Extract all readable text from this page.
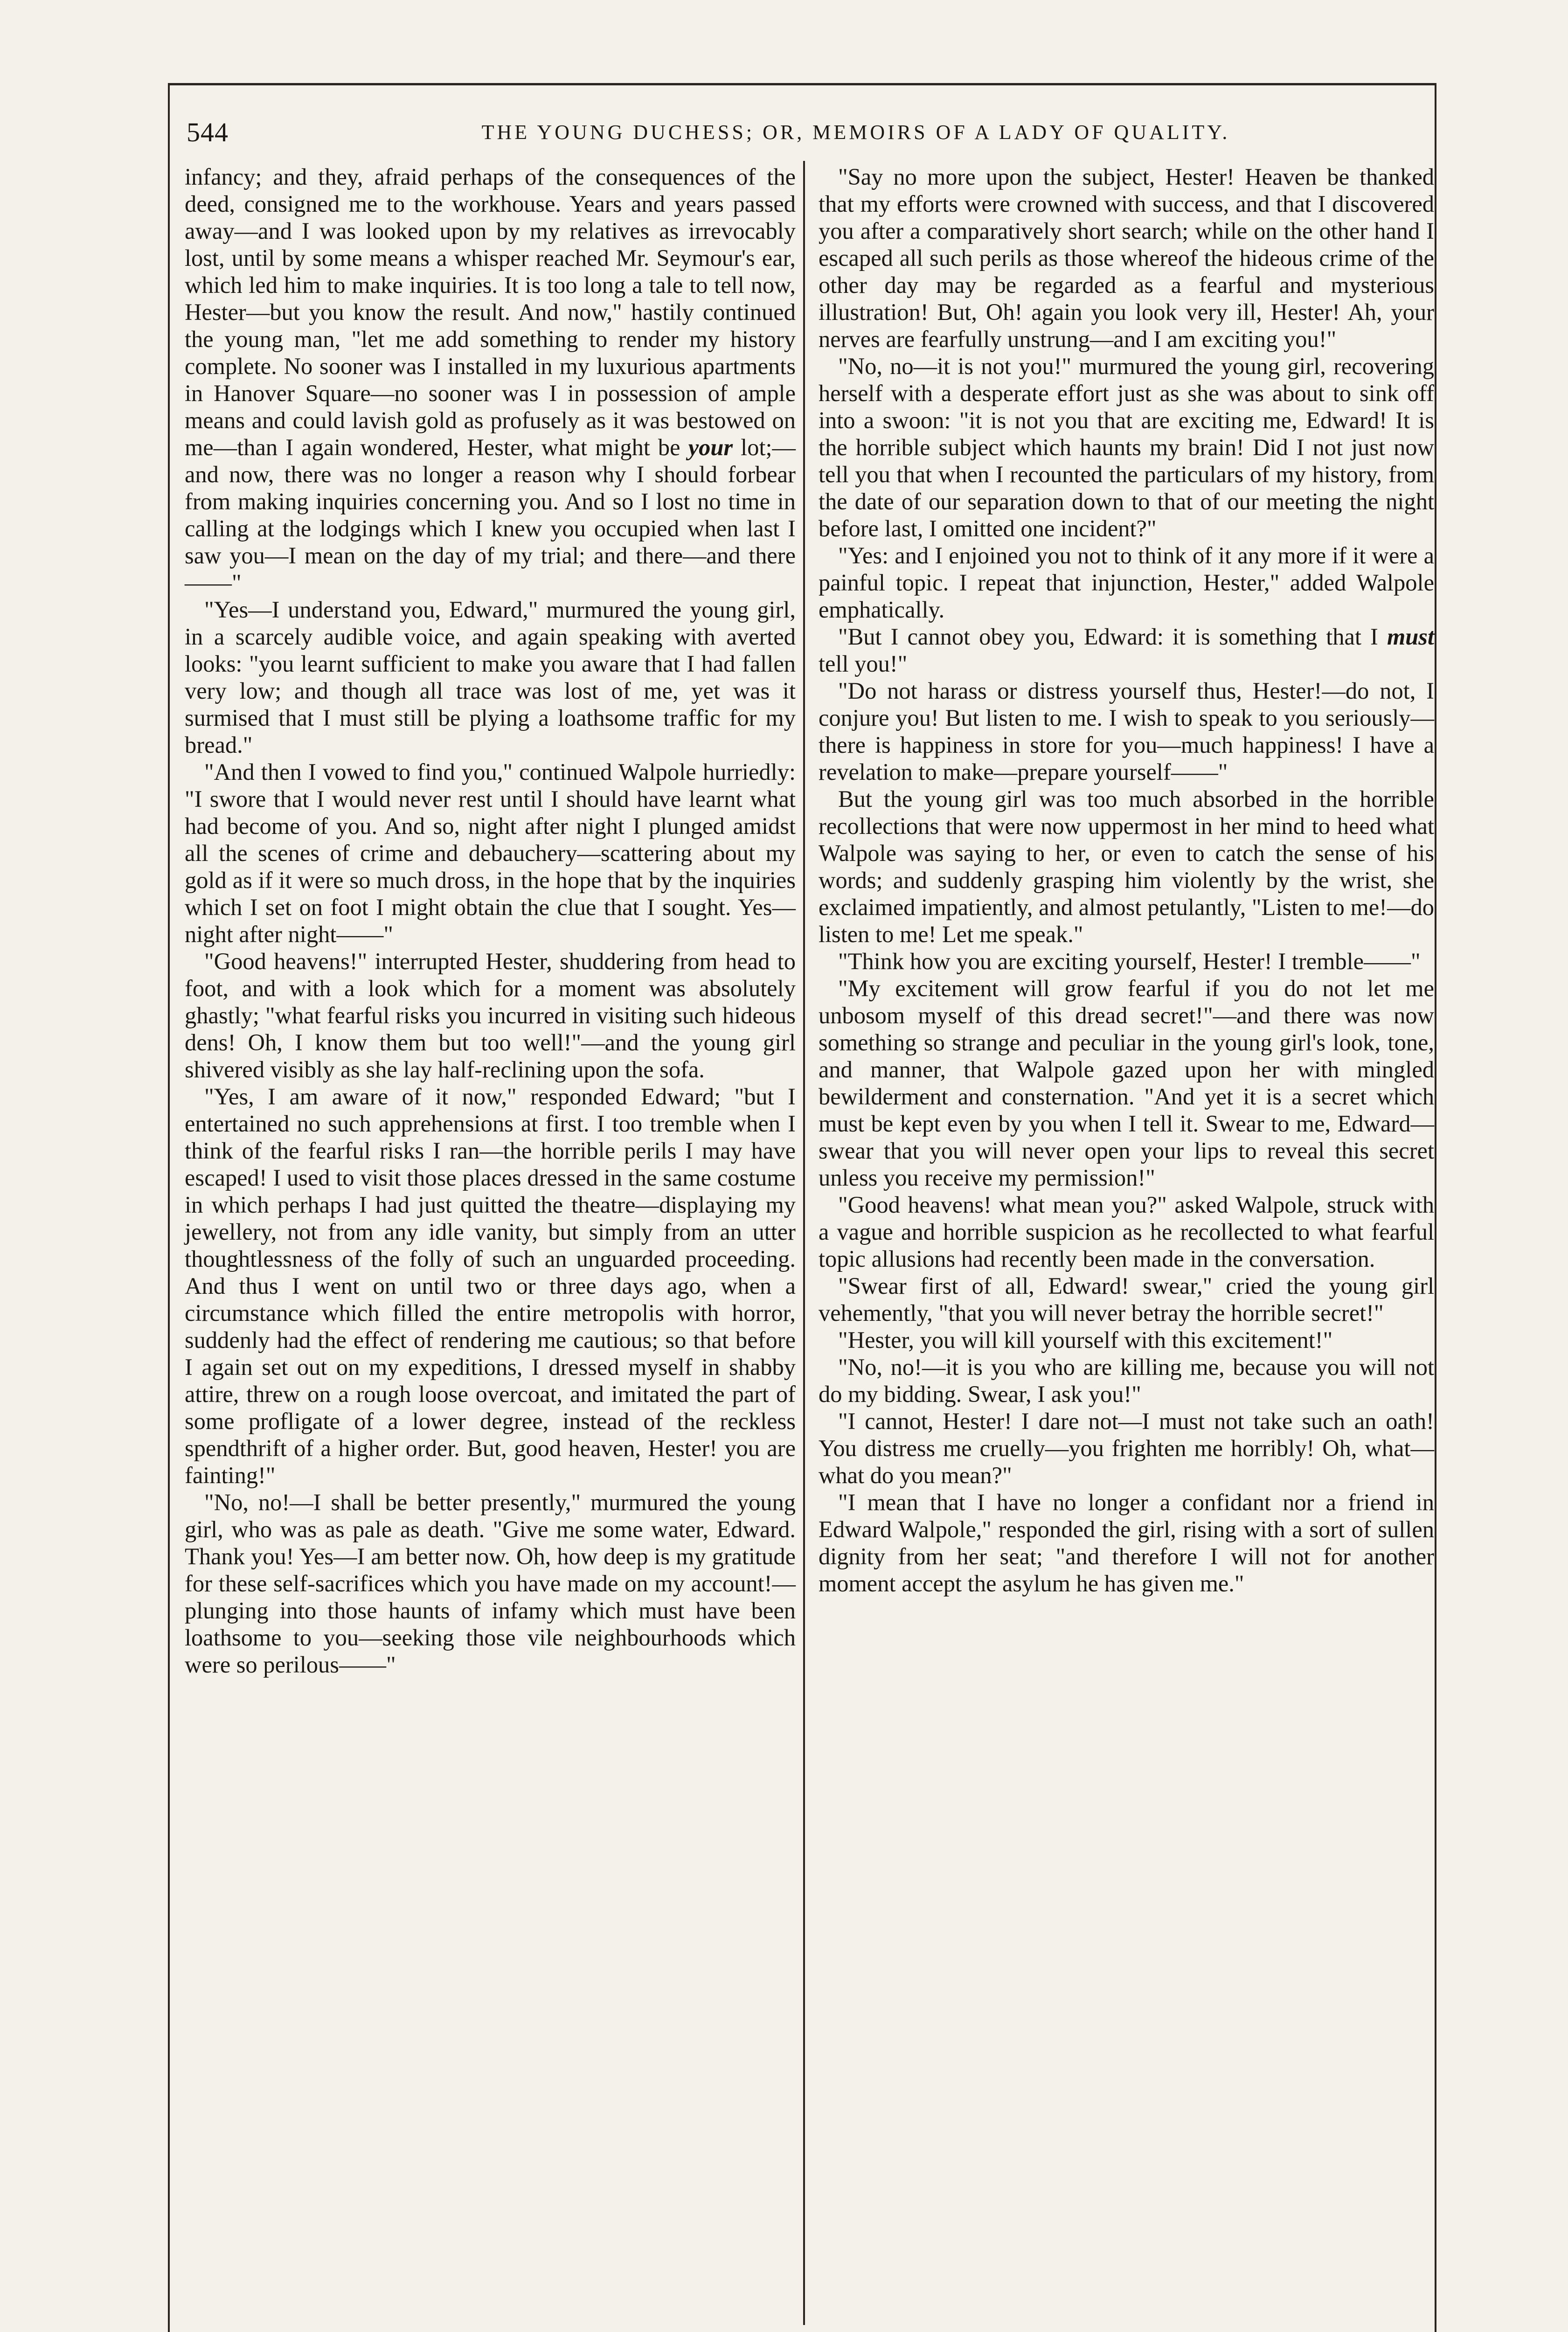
544	THE YOUNG DUCHESS; OR, MEMOIRS OF A LADY OF QUALITY.

infancy; and they, afraid perhaps of the consequences of the deed, consigned me to the workhouse. Years and years passed away—and I was looked upon by my relatives as irrevocably lost, until by some means a whisper reached Mr. Seymour's ear, which led him to make inquiries. It is too long a tale to tell now, Hester—but you know the result. And now," hastily continued the young man, "let me add something to render my history complete. No sooner was I installed in my luxurious apartments in Hanover Square—no sooner was I in possession of ample means and could lavish gold as profusely as it was bestowed on me—than I again wondered, Hester, what might be your lot;—and now, there was no longer a reason why I should forbear from making inquiries concerning you. And so I lost no time in calling at the lodgings which I knew you occupied when last I saw you—I mean on the day of my trial; and there—and there——"

"Yes—I understand you, Edward," murmured the young girl, in a scarcely audible voice, and again speaking with averted looks: "you learnt sufficient to make you aware that I had fallen very low; and though all trace was lost of me, yet was it surmised that I must still be plying a loathsome traffic for my bread."

"And then I vowed to find you," continued Walpole hurriedly: "I swore that I would never rest until I should have learnt what had become of you. And so, night after night I plunged amidst all the scenes of crime and debauchery—scattering about my gold as if it were so much dross, in the hope that by the inquiries which I set on foot I might obtain the clue that I sought. Yes—night after night——"

"Good heavens!" interrupted Hester, shuddering from head to foot, and with a look which for a moment was absolutely ghastly; "what fearful risks you incurred in visiting such hideous dens! Oh, I know them but too well!"—and the young girl shivered visibly as she lay half-reclining upon the sofa.

"Yes, I am aware of it now," responded Edward; "but I entertained no such apprehensions at first. I too tremble when I think of the fearful risks I ran—the horrible perils I may have escaped! I used to visit those places dressed in the same costume in which perhaps I had just quitted the theatre—displaying my jewellery, not from any idle vanity, but simply from an utter thoughtlessness of the folly of such an unguarded proceeding. And thus I went on until two or three days ago, when a circumstance which filled the entire metropolis with horror, suddenly had the effect of rendering me cautious; so that before I again set out on my expeditions, I dressed myself in shabby attire, threw on a rough loose overcoat, and imitated the part of some profligate of a lower degree, instead of the reckless spendthrift of a higher order. But, good heaven, Hester! you are fainting!"

"No, no!—I shall be better presently," murmured the young girl, who was as pale as death. "Give me some water, Edward. Thank you! Yes—I am better now. Oh, how deep is my gratitude for these self-sacrifices which you have made on my account!—plunging into those haunts of infamy which must have been loathsome to you—seeking those vile neighbourhoods which were so perilous——"

"Say no more upon the subject, Hester! Heaven be thanked that my efforts were crowned with success, and that I discovered you after a comparatively short search; while on the other hand I escaped all such perils as those whereof the hideous crime of the other day may be regarded as a fearful and mysterious illustration! But, Oh! again you look very ill, Hester! Ah, your nerves are fearfully unstrung—and I am exciting you!"

"No, no—it is not you!" murmured the young girl, recovering herself with a desperate effort just as she was about to sink off into a swoon: "it is not you that are exciting me, Edward! It is the horrible subject which haunts my brain! Did I not just now tell you that when I recounted the particulars of my history, from the date of our separation down to that of our meeting the night before last, I omitted one incident?"

"Yes: and I enjoined you not to think of it any more if it were a painful topic. I repeat that injunction, Hester," added Walpole emphatically.

"But I cannot obey you, Edward: it is something that I must tell you!"

"Do not harass or distress yourself thus, Hester!—do not, I conjure you! But listen to me. I wish to speak to you seriously—there is happiness in store for you—much happiness! I have a revelation to make—prepare yourself——"

But the young girl was too much absorbed in the horrible recollections that were now uppermost in her mind to heed what Walpole was saying to her, or even to catch the sense of his words; and suddenly grasping him violently by the wrist, she exclaimed impatiently, and almost petulantly, "Listen to me!—do listen to me! Let me speak."

"Think how you are exciting yourself, Hester! I tremble——"

"My excitement will grow fearful if you do not let me unbosom myself of this dread secret!"—and there was now something so strange and peculiar in the young girl's look, tone, and manner, that Walpole gazed upon her with mingled bewilderment and consternation. "And yet it is a secret which must be kept even by you when I tell it. Swear to me, Edward—swear that you will never open your lips to reveal this secret unless you receive my permission!"

"Good heavens! what mean you?" asked Walpole, struck with a vague and horrible suspicion as he recollected to what fearful topic allusions had recently been made in the conversation.

"Swear first of all, Edward! swear," cried the young girl vehemently, "that you will never betray the horrible secret!"

"Hester, you will kill yourself with this excitement!"

"No, no!—it is you who are killing me, because you will not do my bidding. Swear, I ask you!"

"I cannot, Hester! I dare not—I must not take such an oath! You distress me cruelly—you frighten me horribly! Oh, what—what do you mean?"

"I mean that I have no longer a confidant nor a friend in Edward Walpole," responded the girl, rising with a sort of sullen dignity from her seat; "and therefore I will not for another moment accept the asylum he has given me."
